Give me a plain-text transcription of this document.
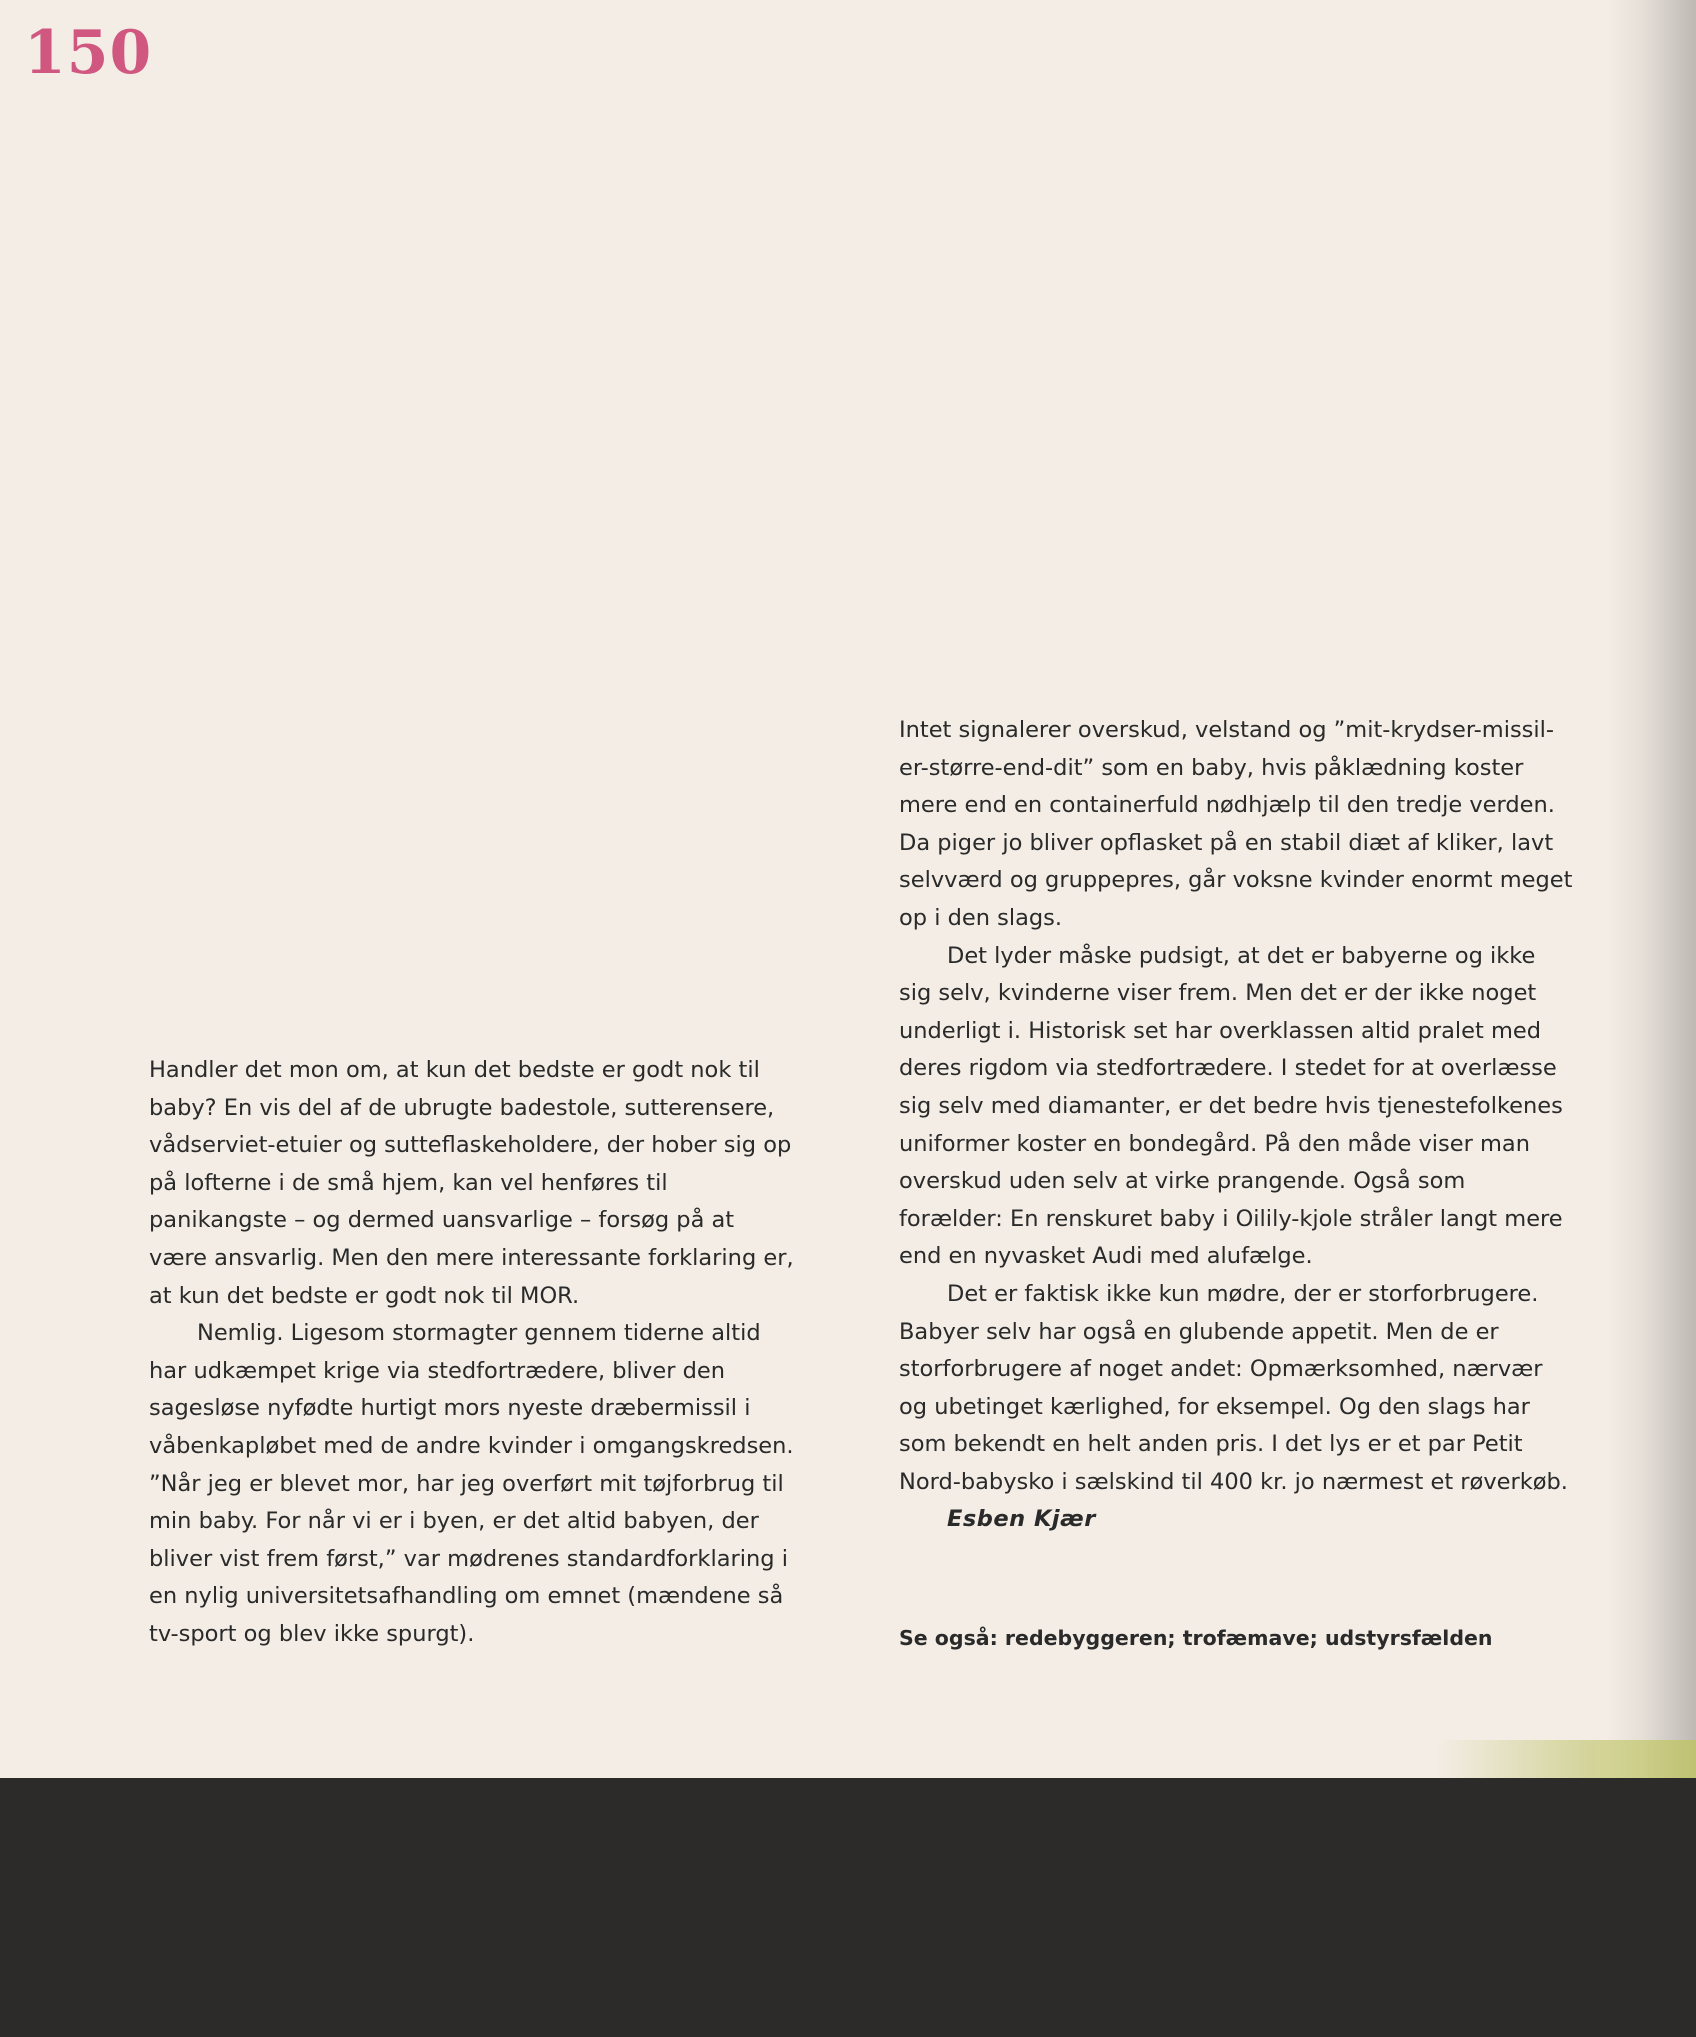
150

Handler det mon om, at kun det bedste er godt nok til baby? En vis del af de ubrugte badestole, sutterensere, vådserviet-etuier og sutteflaskeholdere, der hober sig op på lofterne i de små hjem, kan vel henføres til panikangste – og dermed uansvarlige – forsøg på at være ansvarlig. Men den mere interessante forklaring er, at kun det bedste er godt nok til MOR.

Nemlig. Ligesom stormagter gennem tiderne altid har udkæmpet krige via stedfortrædere, bliver den sagesløse nyfødte hurtigt mors nyeste dræbermissil i våbenkapløbet med de andre kvinder i omgangskredsen. ”Når jeg er blevet mor, har jeg overført mit tøjforbrug til min baby. For når vi er i byen, er det altid babyen, der bliver vist frem først,” var mødrenes standardforklaring i en nylig universitetsafhandling om emnet (mændene så tv-sport og blev ikke spurgt).

Intet signalerer overskud, velstand og ”mit-krydser-missil-er-større-end-dit” som en baby, hvis påklædning koster mere end en containerfuld nødhjælp til den tredje verden. Da piger jo bliver opflasket på en stabil diæt af kliker, lavt selvværd og gruppepres, går voksne kvinder enormt meget op i den slags.

Det lyder måske pudsigt, at det er babyerne og ikke sig selv, kvinderne viser frem. Men det er der ikke noget underligt i. Historisk set har overklassen altid pralet med deres rigdom via stedfortrædere. I stedet for at overlæsse sig selv med diamanter, er det bedre hvis tjenestefolkenes uniformer koster en bondegård. På den måde viser man overskud uden selv at virke prangende. Også som forælder: En renskuret baby i Oilily-kjole stråler langt mere end en nyvasket Audi med alufælge.

Det er faktisk ikke kun mødre, der er storforbrugere. Babyer selv har også en glubende appetit. Men de er storforbrugere af noget andet: Opmærksomhed, nærvær og ubetinget kærlighed, for eksempel. Og den slags har som bekendt en helt anden pris. I det lys er et par Petit Nord-babysko i sælskind til 400 kr. jo nærmest et røverkøb.

Esben Kjær

Se også: redebyggeren; trofæmave; udstyrsfælden
